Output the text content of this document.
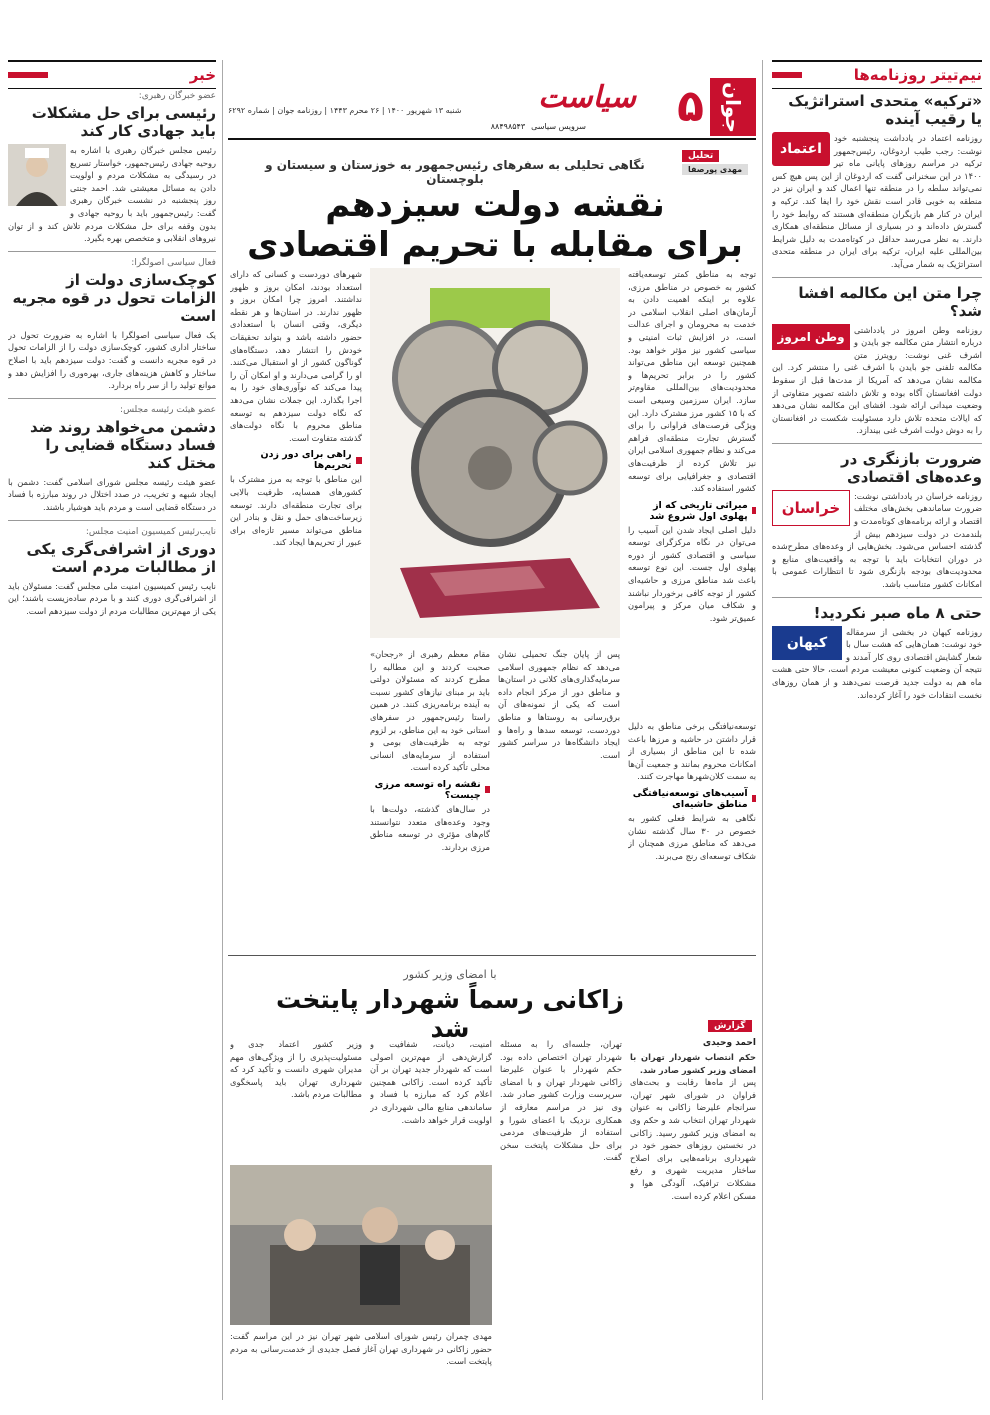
نیم‌تیتر روزنامه‌ها
«ترکیه» متحدی استراتژیک یا رقیب آینده
اعتماد
روزنامه اعتماد در یادداشت پنجشنبه خود نوشت: رجب طیب اردوغان، رئیس‌جمهور ترکیه در مراسم روزهای پایانی ماه تیر ۱۴۰۰ در این سخنرانی گفت که اردوغان از این پس هیچ کس نمی‌تواند سلطه را در منطقه تنها اعمال کند و ایران نیز در منطقه به خوبی قادر است نقش خود را ایفا کند. ترکیه و ایران در کنار هم بازیگران منطقه‌ای هستند که روابط خود را گسترش داده‌اند و در بسیاری از مسائل منطقه‌ای همکاری دارند. به نظر می‌رسد حداقل در کوتاه‌مدت به دلیل شرایط بین‌المللی علیه ایران، ترکیه برای ایران در منطقه متحدی استراتژیک به شمار می‌آید.
چرا متن این مکالمه افشا شد؟
وطن امروز	روزنامه وطن امروز در یادداشتی درباره انتشار متن مکالمه جو بایدن و اشرف غنی نوشت: رویترز متن مکالمه تلفنی جو بایدن با اشرف غنی را منتشر کرد. این مکالمه نشان می‌دهد که آمریکا از مدت‌ها قبل از سقوط دولت افغانستان آگاه بوده و تلاش داشته تصویر متفاوتی از وضعیت میدانی ارائه شود. افشای این مکالمه نشان می‌دهد که ایالات متحده تلاش دارد مسئولیت شکست در افغانستان را به دوش دولت اشرف غنی بیندازد.
ضرورت بازنگری در وعده‌های اقتصادی
خراسان
روزنامه خراسان در یادداشتی نوشت: ضرورت ساماندهی بخش‌های مختلف اقتصاد و ارائه برنامه‌های کوتاه‌مدت و بلندمدت در دولت سیزدهم بیش از گذشته احساس می‌شود. بخش‌هایی از وعده‌های مطرح‌شده در دوران انتخابات باید با توجه به واقعیت‌های منابع و محدودیت‌های بودجه بازنگری شود تا انتظارات عمومی با امکانات کشور متناسب باشد.
حتی ۸ ماه صبر نکردید!
کیهان
روزنامه کیهان در بخشی از سرمقاله خود نوشت: همان‌هایی که هشت سال با شعار گشایش اقتصادی روی کار آمدند و نتیجه آن وضعیت کنونی معیشت مردم است، حالا حتی هشت ماه هم به دولت جدید فرصت نمی‌دهند و از همان روزهای نخست انتقادات خود را آغاز کرده‌اند.
جوان
۵
سیاست
سرویس سیاسی
۸۸۴۹۸۵۴۳
شنبه ۱۳ شهریور ۱۴۰۰ | ۲۶ محرم ۱۴۴۳ | روزنامه جوان | شماره ۶۲۹۲
تحلیل
مهدی پورصفا
نگاهی تحلیلی به سفرهای رئیس‌جمهور به خوزستان و سیستان و بلوچستان
نقشه دولت سیزدهم
برای مقابله با تحریم اقتصادی
توجه به مناطق کمتر توسعه‌یافته کشور به خصوص در مناطق مرزی، علاوه بر اینکه اهمیت دادن به آرمان‌های اصلی انقلاب اسلامی در خدمت به محرومان و اجرای عدالت است، در افزایش ثبات امنیتی و سیاسی کشور نیز مؤثر خواهد بود. همچنین توسعه این مناطق می‌تواند کشور را در برابر تحریم‌ها و محدودیت‌های بین‌المللی مقاوم‌تر سازد. ایران سرزمین وسیعی است که با ۱۵ کشور مرز مشترک دارد. این ویژگی فرصت‌های فراوانی را برای گسترش تجارت منطقه‌ای فراهم می‌کند و نظام جمهوری اسلامی ایران نیز تلاش کرده از ظرفیت‌های اقتصادی و جغرافیایی برای توسعه کشور استفاده کند.
میراثی تاریخی که از پهلوی اول شروع شد
دلیل اصلی ایجاد شدن این آسیب را می‌توان در نگاه مرکزگرای توسعه سیاسی و اقتصادی کشور از دوره پهلوی اول جست. این نوع توسعه باعث شد مناطق مرزی و حاشیه‌ای کشور از توجه کافی برخوردار نباشند و شکاف میان مرکز و پیرامون عمیق‌تر شود.
شهرهای دوردست و کسانی که دارای استعداد بودند، امکان بروز و ظهور نداشتند. امروز چرا امکان بروز و ظهور ندارند. در استان‌ها و هر نقطه دیگری، وقتی انسان با استعدادی حضور داشته باشد و بتواند تحقیقات خودش را انتشار دهد، دستگاه‌های گوناگون کشور از او استقبال می‌کنند. او را گرامی می‌دارند و او امکان آن را پیدا می‌کند که نوآوری‌های خود را به اجرا بگذارد. این جملات نشان می‌دهد که نگاه دولت سیزدهم به توسعه مناطق محروم با نگاه دولت‌های گذشته متفاوت است.
راهی برای دور زدن تحریم‌ها
این مناطق با توجه به مرز مشترک با کشورهای همسایه، ظرفیت بالایی برای تجارت منطقه‌ای دارند. توسعه زیرساخت‌های حمل و نقل و بنادر این مناطق می‌تواند مسیر تازه‌ای برای عبور از تحریم‌ها ایجاد کند.
مقام معظم رهبری از «رجحان» صحبت کردند و این مطالبه را مطرح کردند که مسئولان دولتی باید بر مبنای نیازهای کشور نسبت به آینده برنامه‌ریزی کنند. در همین راستا رئیس‌جمهور در سفرهای استانی خود به این مناطق، بر لزوم توجه به ظرفیت‌های بومی و استفاده از سرمایه‌های انسانی محلی تأکید کرده است.
نقشه راه توسعه مرزی چیست؟
در سال‌های گذشته، دولت‌ها با وجود وعده‌های متعدد نتوانستند گام‌های مؤثری در توسعه مناطق مرزی بردارند.
پس از پایان جنگ تحمیلی نشان می‌دهد که نظام جمهوری اسلامی سرمایه‌گذاری‌های کلانی در استان‌ها و مناطق دور از مرکز انجام داده است که یکی از نمونه‌های آن برق‌رسانی به روستاها و مناطق دوردست، توسعه سدها و راه‌ها و ایجاد دانشگاه‌ها در سراسر کشور است.
توسعه‌نیافتگی برخی مناطق به دلیل قرار داشتن در حاشیه و مرزها باعث شده تا این مناطق از بسیاری از امکانات محروم بمانند و جمعیت آن‌ها به سمت کلان‌شهرها مهاجرت کنند.
آسیب‌های توسعه‌نیافتگی مناطق حاشیه‌ای
نگاهی به شرایط فعلی کشور به خصوص در ۳۰ سال گذشته نشان می‌دهد که مناطق مرزی همچنان از شکاف توسعه‌ای رنج می‌برند.
با امضای وزیر کشور
زاکانی رسماً شهردار پایتخت شد	گزارش
احمد وحیدی
حکم انتصاب شهردار تهران با امضای وزیر کشور صادر شد.
پس از ماه‌ها رقابت و بحث‌های فراوان در شورای شهر تهران، سرانجام علیرضا زاکانی به عنوان شهردار تهران انتخاب شد و حکم وی به امضای وزیر کشور رسید. زاکانی در نخستین روزهای حضور خود در شهرداری برنامه‌هایی برای اصلاح ساختار مدیریت شهری و رفع مشکلات ترافیک، آلودگی هوا و مسکن اعلام کرده است.
تهران، جلسه‌ای را به مسئله شهردار تهران اختصاص داده بود. حکم شهردار با عنوان علیرضا زاکانی شهردار تهران و با امضای سرپرست وزارت کشور صادر شد. وی نیز در مراسم معارفه از همکاری نزدیک با اعضای شورا و استفاده از ظرفیت‌های مردمی برای حل مشکلات پایتخت سخن گفت.
امنیت، دیانت، شفافیت و گزارش‌دهی از مهم‌ترین اصولی است که شهردار جدید تهران بر آن تأکید کرده است. زاکانی همچنین اعلام کرد که مبارزه با فساد و ساماندهی منابع مالی شهرداری در اولویت قرار خواهد داشت.
وزیر کشور اعتماد جدی و مسئولیت‌پذیری را از ویژگی‌های مهم مدیران شهری دانست و تأکید کرد که شهرداری تهران باید پاسخگوی مطالبات مردم باشد.
مهدی چمران رئیس شورای اسلامی شهر تهران نیز در این مراسم گفت: حضور زاکانی در شهرداری تهران آغاز فصل جدیدی از خدمت‌رسانی به مردم پایتخت است.
خبر
عضو خبرگان رهبری:
رئیسی برای حل مشکلات باید جهادی کار کند
رئیس مجلس خبرگان رهبری با اشاره به روحیه جهادی رئیس‌جمهور، خواستار تسریع در رسیدگی به مشکلات مردم و اولویت دادن به مسائل معیشتی شد. احمد جنتی روز پنجشنبه در نشست خبرگان رهبری گفت: رئیس‌جمهور باید با روحیه جهادی و بدون وقفه برای حل مشکلات مردم تلاش کند و از توان نیروهای انقلابی و متخصص بهره بگیرد.
فعال سیاسی اصولگرا:
کوچک‌سازی دولت از الزامات تحول در قوه مجریه است
یک فعال سیاسی اصولگرا با اشاره به ضرورت تحول در ساختار اداری کشور، کوچک‌سازی دولت را از الزامات تحول در قوه مجریه دانست و گفت: دولت سیزدهم باید با اصلاح ساختار و کاهش هزینه‌های جاری، بهره‌وری را افزایش دهد و موانع تولید را از سر راه بردارد.
عضو هیئت رئیسه مجلس:
دشمن می‌خواهد روند ضد فساد دستگاه قضایی را مختل کند
عضو هیئت رئیسه مجلس شورای اسلامی گفت: دشمن با ایجاد شبهه و تخریب، در صدد اختلال در روند مبارزه با فساد در دستگاه قضایی است و مردم باید هوشیار باشند.
نایب‌رئیس کمیسیون امنیت مجلس:
دوری از اشرافی‌گری یکی از مطالبات مردم است
نایب رئیس کمیسیون امنیت ملی مجلس گفت: مسئولان باید از اشرافی‌گری دوری کنند و با مردم ساده‌زیست باشند؛ این یکی از مهم‌ترین مطالبات مردم از دولت سیزدهم است.
